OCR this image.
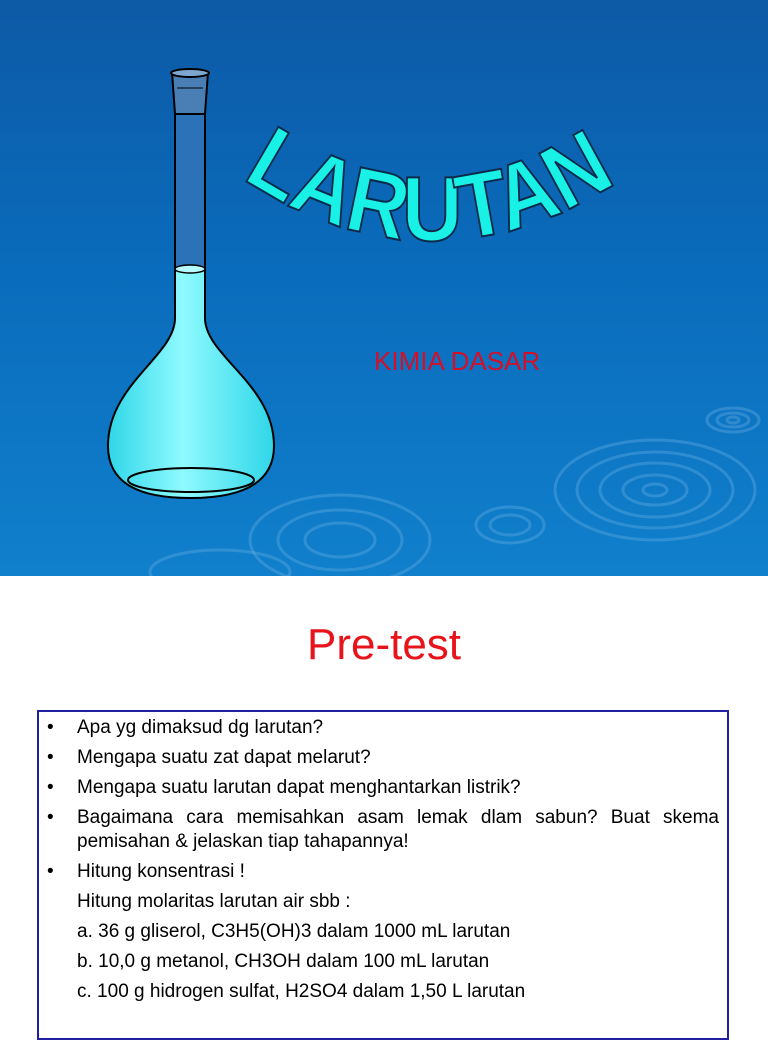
LARUTAN
KIMIA DASAR
Pre-test
• Apa yg dimaksud dg larutan?
• Mengapa suatu zat dapat melarut?
• Mengapa suatu larutan dapat menghantarkan listrik?
• Bagaimana cara memisahkan asam lemak dlam sabun? Buat skema pemisahan & jelaskan tiap tahapannya!
• Hitung konsentrasi !
Hitung molaritas larutan air sbb :
a. 36 g gliserol, C3H5(OH)3 dalam 1000 mL larutan
b. 10,0 g metanol, CH3OH dalam 100 mL larutan
c. 100 g hidrogen sulfat, H2SO4 dalam 1,50 L larutan
